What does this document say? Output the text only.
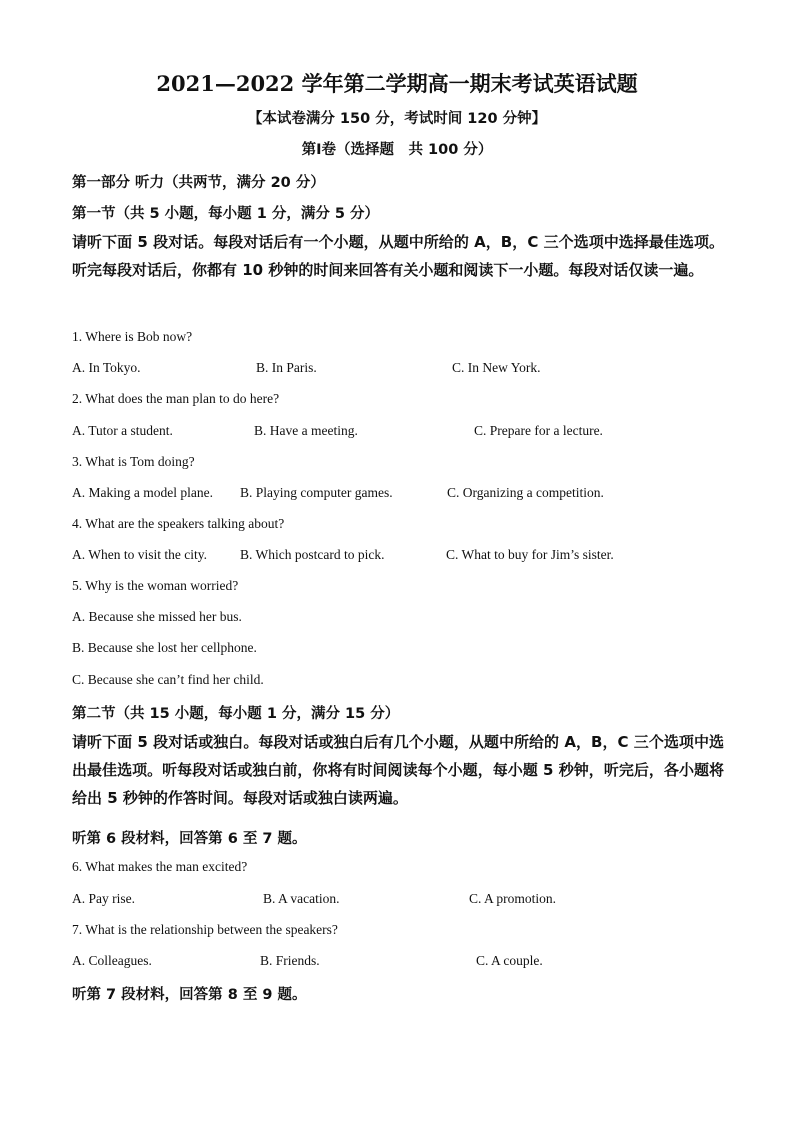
2021—2022 学年第二学期高一期末考试英语试题
【本试卷满分 150 分，考试时间 120 分钟】
第Ⅰ卷（选择题　共 100 分）
第一部分 听力（共两节，满分 20 分）
第一节（共 5 小题，每小题 1 分，满分 5 分）
请听下面 5 段对话。每段对话后有一个小题，从题中所给的 A，B，C 三个选项中选择最佳选项。听完每段对话后，你都有 10 秒钟的时间来回答有关小题和阅读下一小题。每段对话仅读一遍。
1. Where is Bob now?
A. In Tokyo.	B. In Paris.	C. In New York.
2. What does the man plan to do here?
A. Tutor a student.	B. Have a meeting.	C. Prepare for a lecture.
3. What is Tom doing?
A. Making a model plane. B. Playing computer games.	C. Organizing a competition.
4. What are the speakers talking about?
A. When to visit the city. B. Which postcard to pick.	C. What to buy for Jim’s sister.
5. Why is the woman worried?
A. Because she missed her bus.
B. Because she lost her cellphone.
C. Because she can’t find her child.
第二节（共 15 小题，每小题 1 分，满分 15 分）
请听下面 5 段对话或独白。每段对话或独白后有几个小题，从题中所给的 A，B，C 三个选项中选出最佳选项。听每段对话或独白前，你将有时间阅读每个小题，每小题 5 秒钟，听完后，各小题将给出 5 秒钟的作答时间。每段对话或独白读两遍。
听第 6 段材料，回答第 6 至 7 题。
6. What makes the man excited?
A. Pay rise.	B. A vacation.	C. A promotion.
7. What is the relationship between the speakers?
A. Colleagues.	B. Friends.	C. A couple.
听第 7 段材料，回答第 8 至 9 题。
